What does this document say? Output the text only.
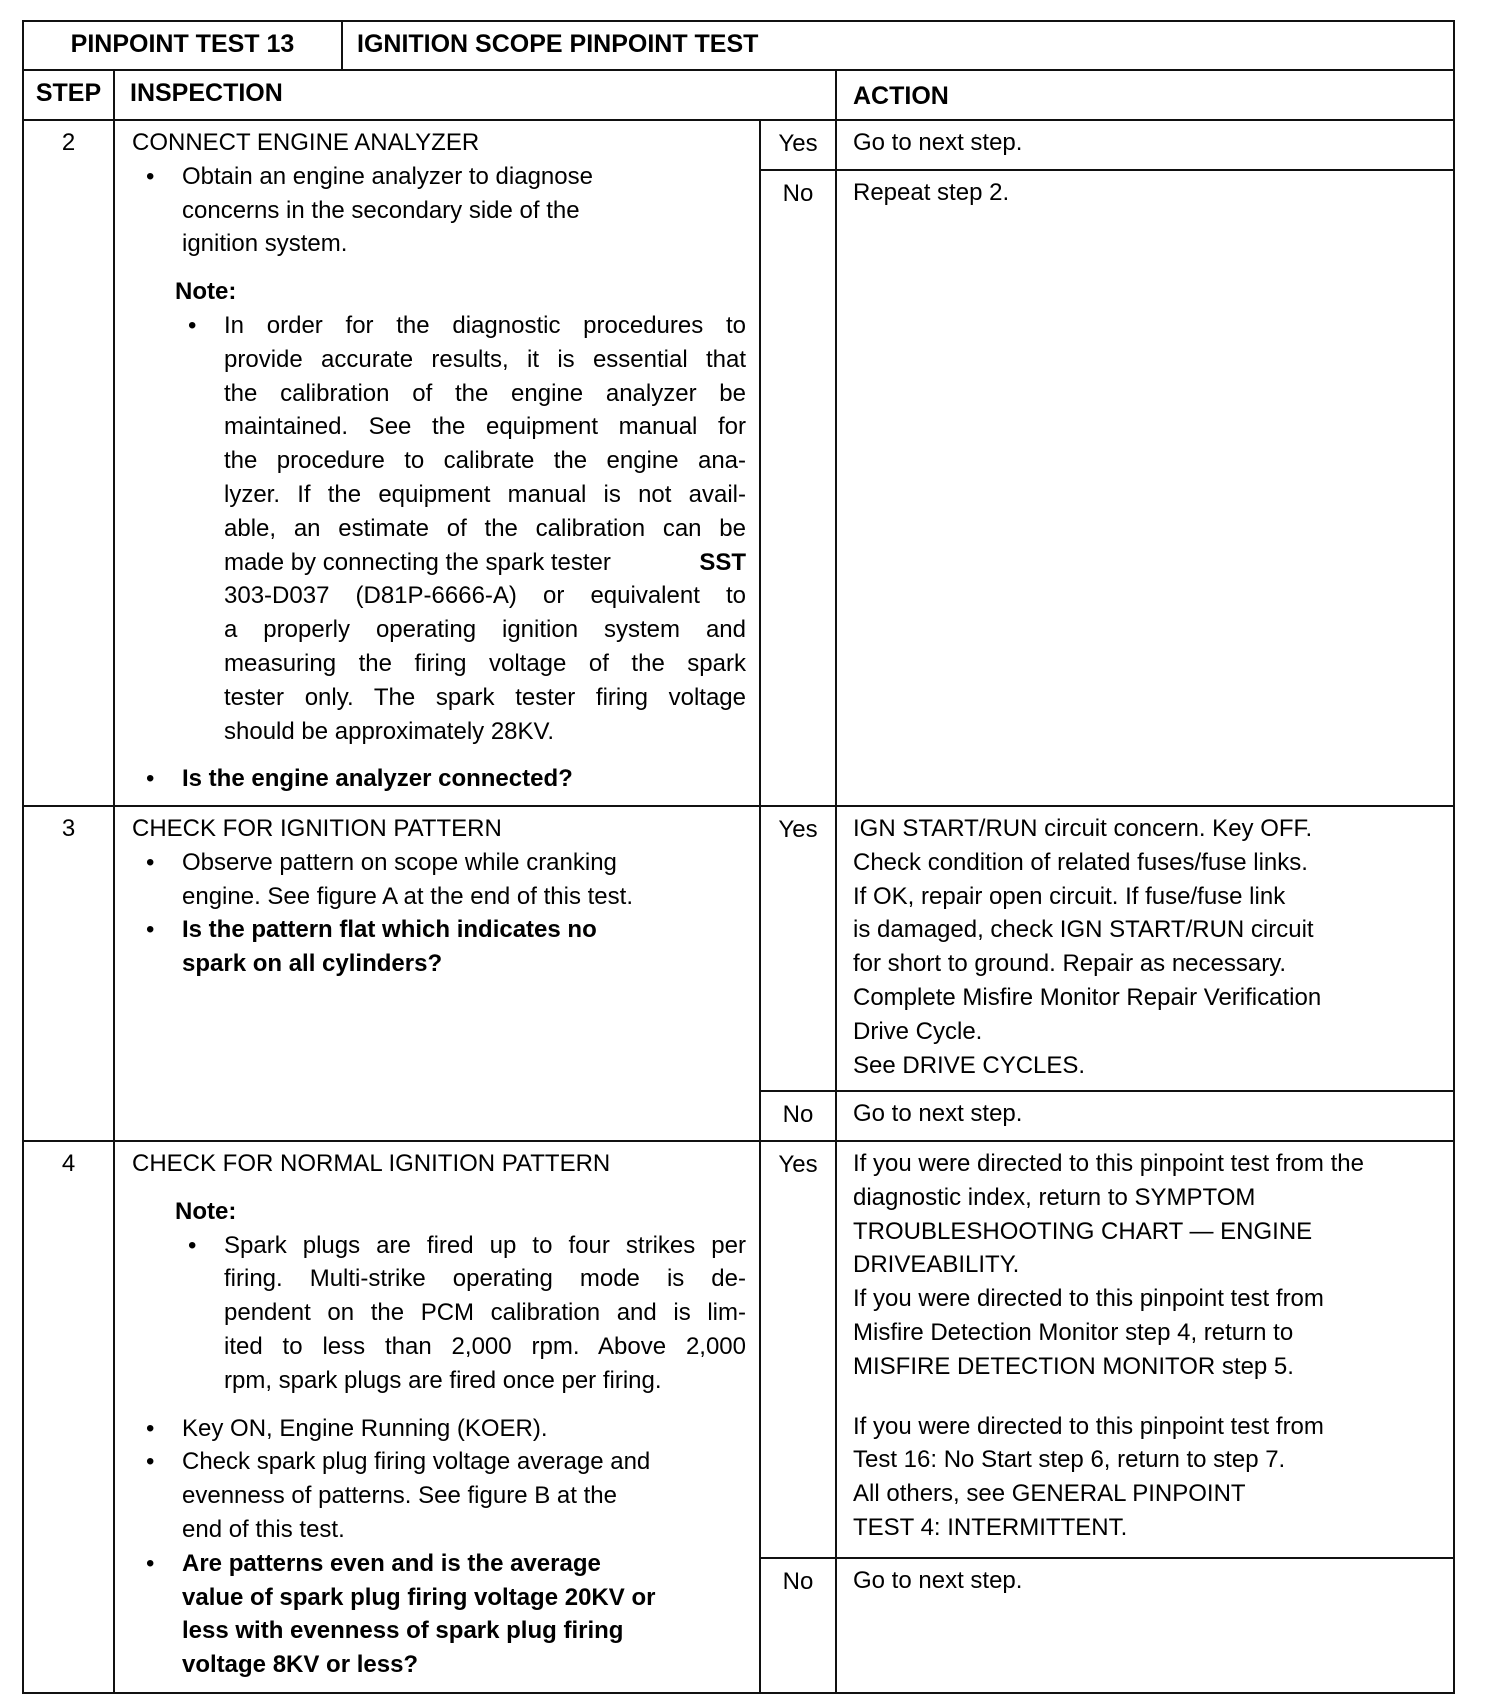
PINPOINT TEST 13	IGNITION SCOPE PINPOINT TEST
STEP	INSPECTION	ACTION
2	CONNECT ENGINE ANALYZER
• Obtain an engine analyzer to diagnose
concerns in the secondary side of the
ignition system.
Note:
• In order for the diagnostic procedures to
provide accurate results, it is essential that
the calibration of the engine analyzer be
maintained. See the equipment manual for
the procedure to calibrate the engine ana-
lyzer. If the equipment manual is not avail-
able, an estimate of the calibration can be
made by connecting the spark tester	SST
303-D037 (D81P-6666-A) or equivalent to
a properly operating ignition system and
measuring the firing voltage of the spark
tester only. The spark tester firing voltage
should be approximately 28KV.
• Is the engine analyzer connected?
Yes	Go to next step.
No	Repeat step 2.
3	CHECK FOR IGNITION PATTERN
• Observe pattern on scope while cranking
engine. See figure A at the end of this test.
• Is the pattern flat which indicates no
spark on all cylinders?
Yes	IGN START/RUN circuit concern. Key OFF.
Check condition of related fuses/fuse links.
If OK, repair open circuit. If fuse/fuse link
is damaged, check IGN START/RUN circuit
for short to ground. Repair as necessary.
Complete Misfire Monitor Repair Verification
Drive Cycle.
See DRIVE CYCLES.
No	Go to next step.
4	CHECK FOR NORMAL IGNITION PATTERN
Note:
• Spark plugs are fired up to four strikes per
firing. Multi-strike operating mode is de-
pendent on the PCM calibration and is lim-
ited to less than 2,000 rpm. Above 2,000
rpm, spark plugs are fired once per firing.
• Key ON, Engine Running (KOER).
• Check spark plug firing voltage average and
evenness of patterns. See figure B at the
end of this test.
• Are patterns even and is the average
value of spark plug firing voltage 20KV or
less with evenness of spark plug firing
voltage 8KV or less?
Yes	If you were directed to this pinpoint test from the
diagnostic index, return to SYMPTOM
TROUBLESHOOTING CHART — ENGINE
DRIVEABILITY.
If you were directed to this pinpoint test from
Misfire Detection Monitor step 4, return to
MISFIRE DETECTION MONITOR step 5.
If you were directed to this pinpoint test from
Test 16: No Start step 6, return to step 7.
All others, see GENERAL PINPOINT
TEST 4: INTERMITTENT.
No	Go to next step.
